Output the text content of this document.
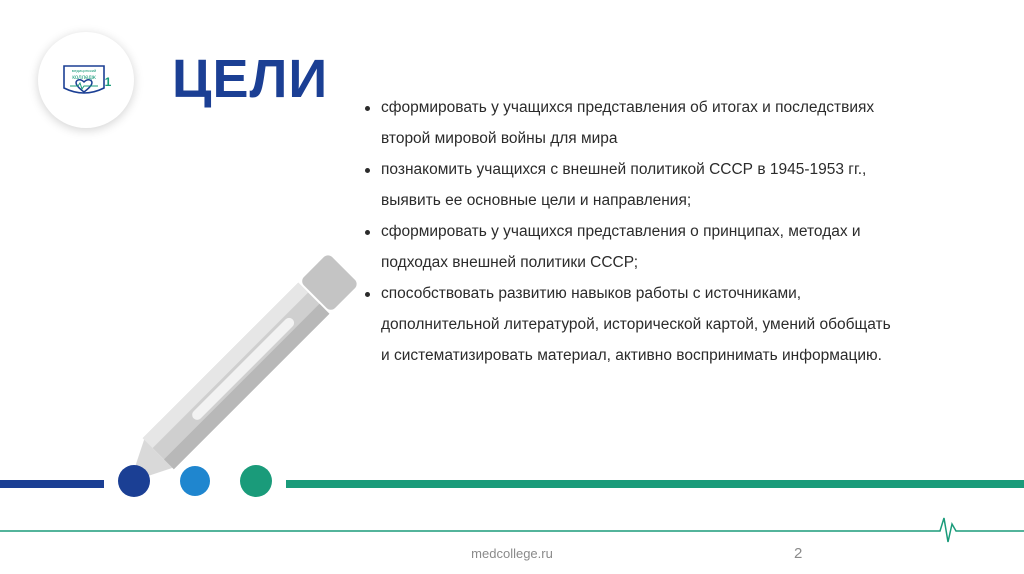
медицинский
колледж 1 ЦЕЛИ	сформировать у учащихся представления об итогах и последствиях
второй мировой войны для мира
познакомить учащихся с внешней политикой СССР в 1945-1953 гг.,
выявить ее основные цели и направления;
сформировать у учащихся представления о принципах, методах и
подходах внешней политики СССР;
способствовать развитию навыков работы с источниками,
дополнительной литературой, исторической картой, умений обобщать
и систематизировать материал, активно воспринимать информацию.
medcollege.ru	2
